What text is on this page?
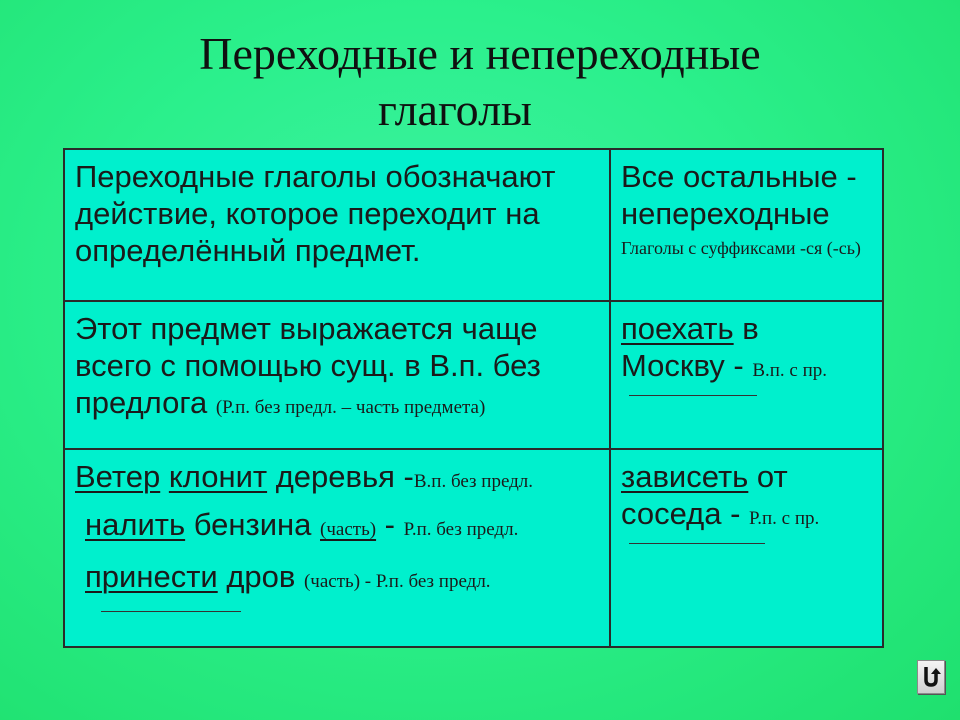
Переходные и непереходные
глаголы
Переходные глаголы обозначают действие, которое переходит на определённый предмет.	Все остальные - непереходные
Глаголы с суффиксами -ся (-сь)

Этот предмет выражается чаще всего с помощью сущ. в В.п. без предлога (Р.п. без предл. – часть предмета)	поехать в
Москву - В.п. с пр.

Ветер клонит деревья -В.п. без предл.
налить бензина (часть) - Р.п. без предл.
принести дров (часть) - Р.п. без предл.	зависеть от
соседа - Р.п. с пр.
